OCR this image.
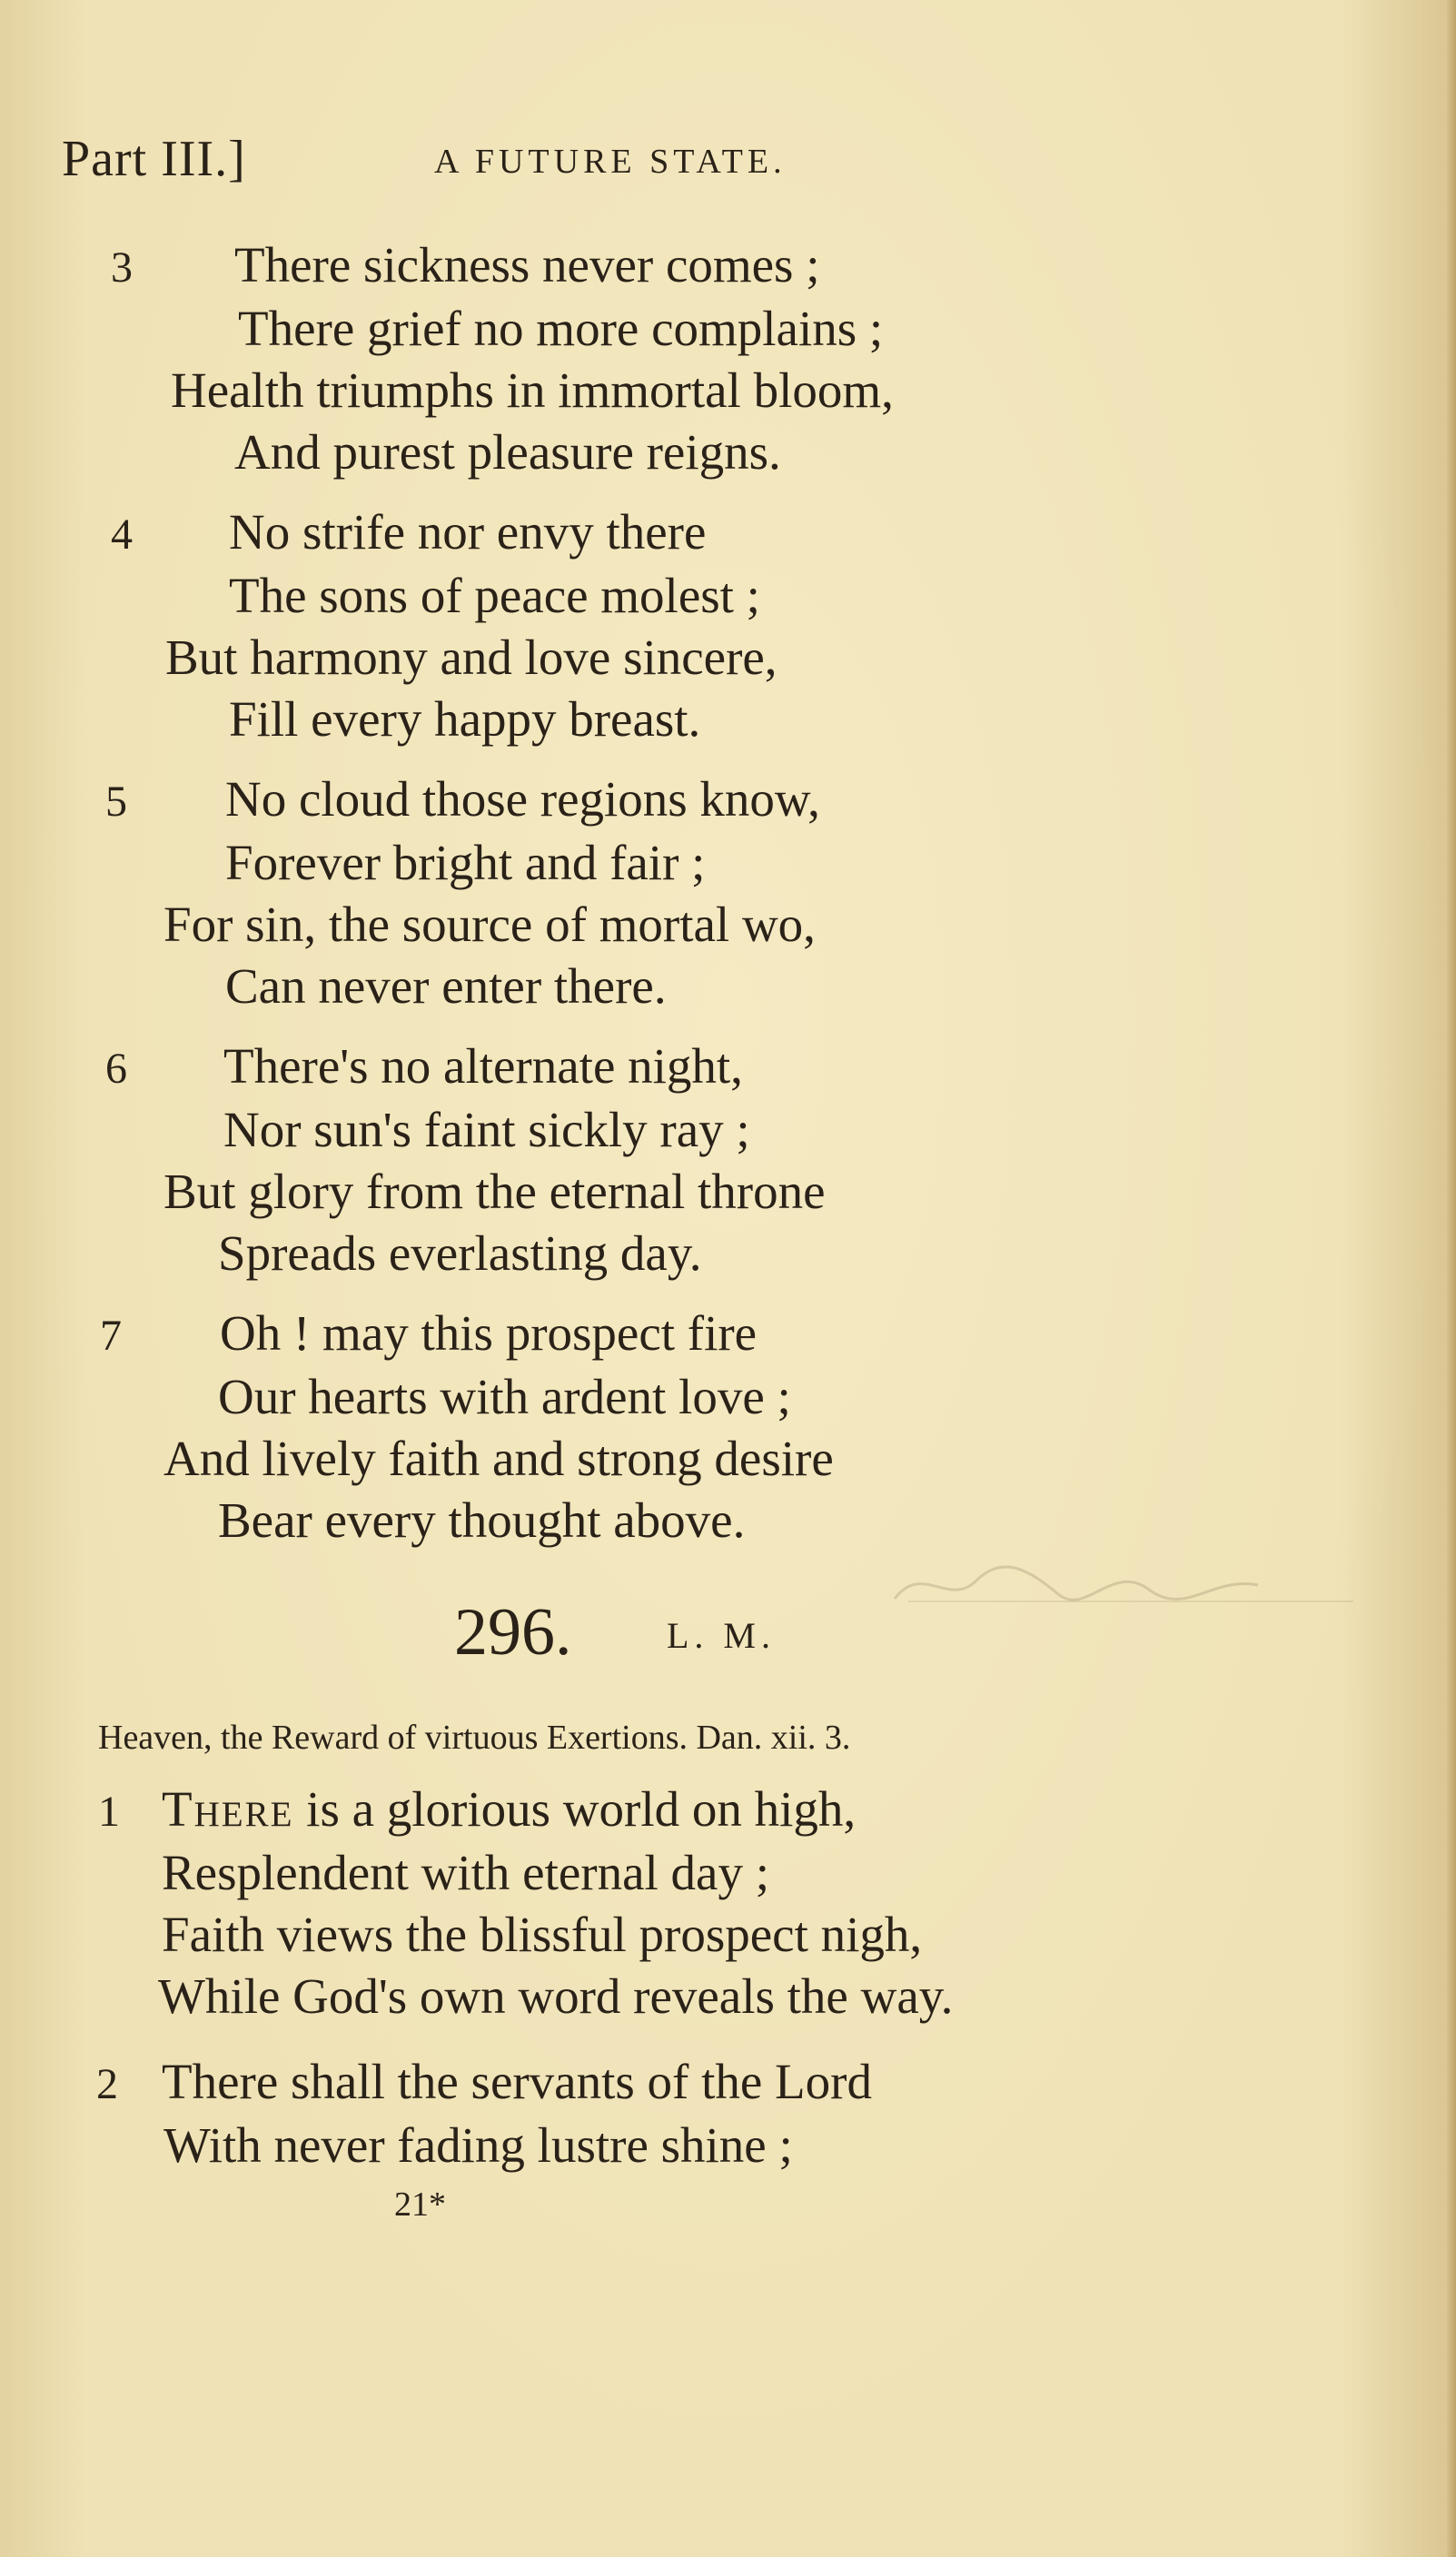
Part III.]	A FUTURE STATE.
3 There sickness never comes ;
There grief no more complains ;
Health triumphs in immortal bloom,
And purest pleasure reigns.
4 No strife nor envy there
The sons of peace molest ;
But harmony and love sincere,
Fill every happy breast.
5 No cloud those regions know,
Forever bright and fair ;
For sin, the source of mortal wo,
Can never enter there.
6 There's no alternate night,
Nor sun's faint sickly ray ;
But glory from the eternal throne
Spreads everlasting day.
7 Oh ! may this prospect fire
Our hearts with ardent love ;
And lively faith and strong desire
Bear every thought above.
296.	L. M.
Heaven, the Reward of virtuous Exertions. Dan. xii. 3.
1 There is a glorious world on high,
Resplendent with eternal day ;
Faith views the blissful prospect nigh,
While God's own word reveals the way.
2 There shall the servants of the Lord
With never fading lustre shine ;
21*
